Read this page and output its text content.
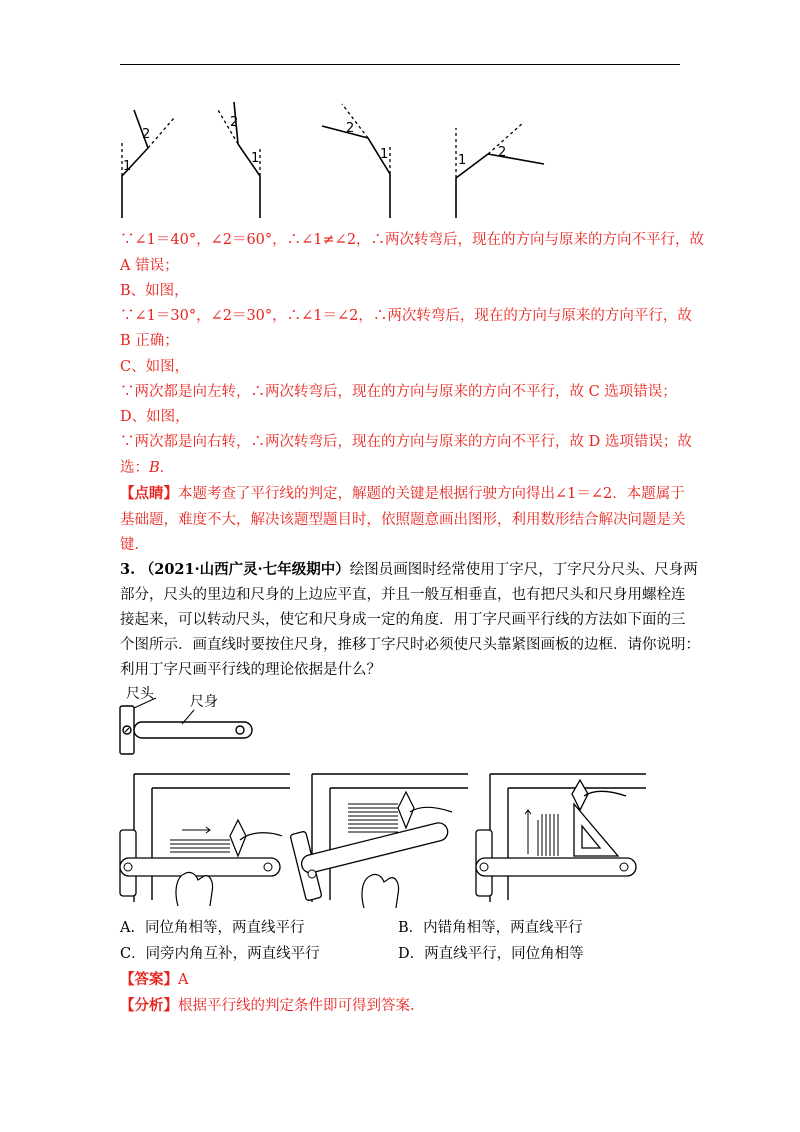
1
2
1
2
1
2
1
2
∵∠1＝40°，∠2＝60°，∴∠1≠∠2，∴两次转弯后，现在的方向与原来的方向不平行，故
A 错误；
B、如图，
∵∠1＝30°，∠2＝30°，∴∠1＝∠2，∴两次转弯后，现在的方向与原来的方向平行，故
B 正确；
C、如图，
∵两次都是向左转，∴两次转弯后，现在的方向与原来的方向不平行，故 C 选项错误；
D、如图，
∵两次都是向右转，∴两次转弯后，现在的方向与原来的方向不平行，故 D 选项错误；故
选：B．
【点睛】本题考查了平行线的判定，解题的关键是根据行驶方向得出∠1＝∠2．本题属于
基础题，难度不大，解决该题型题目时，依照题意画出图形，利用数形结合解决问题是关
键．
3. （2021·山西广灵·七年级期中）绘图员画图时经常使用丁字尺，丁字尺分尺头、尺身两
部分，尺头的里边和尺身的上边应平直，并且一般互相垂直，也有把尺头和尺身用螺栓连
接起来，可以转动尺头，使它和尺身成一定的角度．用丁字尺画平行线的方法如下面的三
个图所示．画直线时要按住尺身，推移丁字尺时必须使尺头靠紧图画板的边框．请你说明：
利用丁字尺画平行线的理论依据是什么？
尺头	尺身
A．同位角相等，两直线平行	B．内错角相等，两直线平行
C．同旁内角互补，两直线平行	D．两直线平行，同位角相等
【答案】A
【分析】根据平行线的判定条件即可得到答案.
